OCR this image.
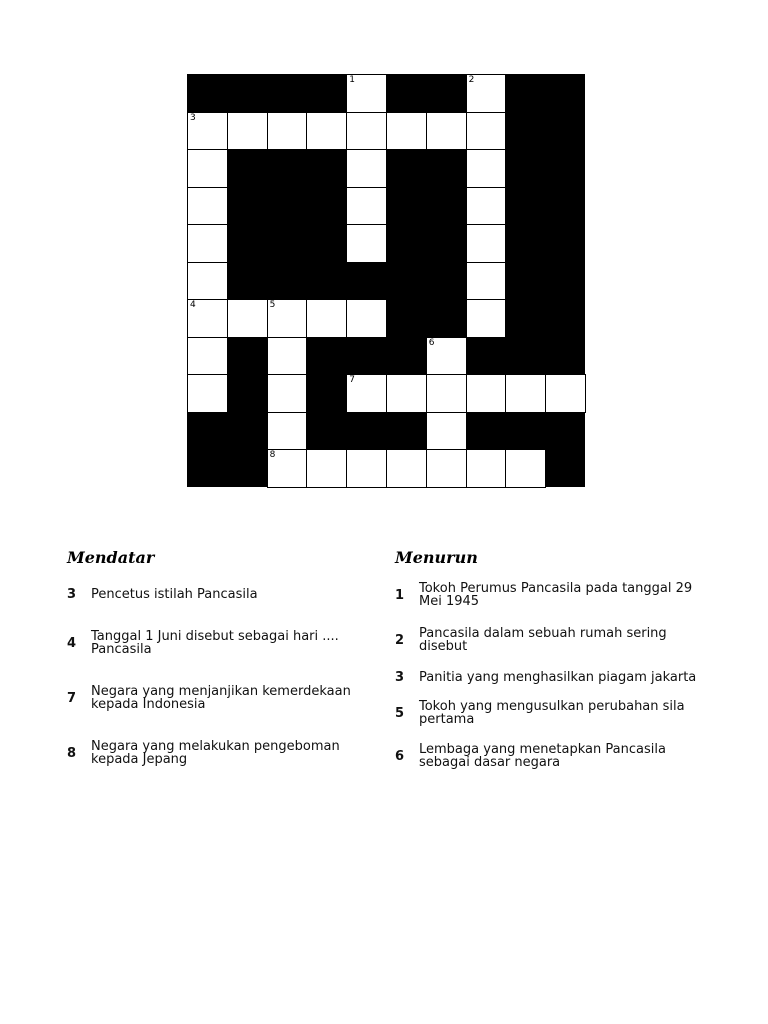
1	2
3
4	5
6
7
8
Mendatar	Menurun
3	Pencetus istilah Pancasila
4	Tanggal 1 Juni disebut sebagai hari ....
Pancasila
7	Negara yang menjanjikan kemerdekaan
kepada Indonesia
8	Negara yang melakukan pengeboman
kepada Jepang
1	Tokoh Perumus Pancasila pada tanggal 29
Mei 1945
2	Pancasila dalam sebuah rumah sering
disebut
3	Panitia yang menghasilkan piagam jakarta
5	Tokoh yang mengusulkan perubahan sila
pertama
6	Lembaga yang menetapkan Pancasila
sebagai dasar negara
